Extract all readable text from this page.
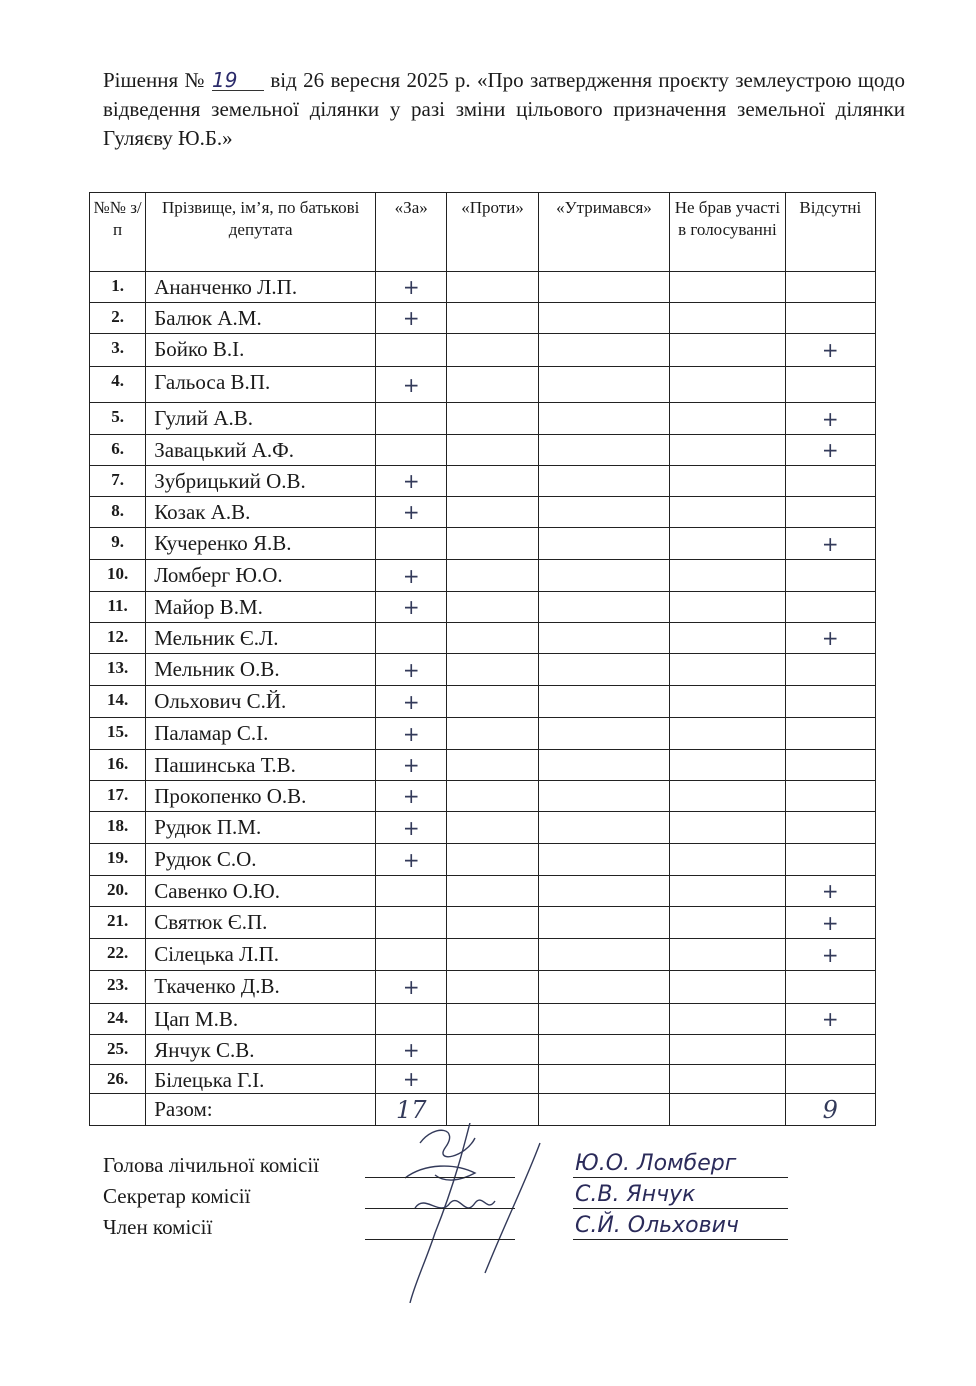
Рішення № 19 від 26 вересня 2025 р. «Про затвердження проєкту землеустрою щодо відведення земельної ділянки у разі зміни цільового призначення земельної ділянки Гуляєву Ю.Б.»
№№ з/п	Прізвище, ім’я, по батькові депутата	«За»	«Проти»	«Утримався»	Не брав участі в голосуванні	Відсутні
1.	Ананченко Л.П.	+				
2.	Балюк А.М.	+				
3.	Бойко В.І.					+
4.	Гальоса В.П.	+				
5.	Гулий А.В.					+
6.	Завацький А.Ф.					+
7.	Зубрицький О.В.	+				
8.	Козак А.В.	+				
9.	Кучеренко Я.В.					+
10.	Ломберг Ю.О.	+				
11.	Майор В.М.	+				
12.	Мельник Є.Л.					+
13.	Мельник О.В.	+				
14.	Ольхович С.Й.	+				
15.	Паламар С.І.	+				
16.	Пашинська Т.В.	+				
17.	Прокопенко О.В.	+				
18.	Рудюк П.М.	+				
19.	Рудюк С.О.	+				
20.	Савенко О.Ю.					+
21.	Святюк Є.П.					+
22.	Сілецька Л.П.					+
23.	Ткаченко Д.В.	+				
24.	Цап М.В.					+
25.	Янчук С.В.	+				
26.	Білецька Г.І.	+				
	Разом:	17				9
Голова лічильної комісії	Ю.О. Ломберг
Секретар комісії	С.В. Янчук
Член комісії	С.Й. Ольхович
